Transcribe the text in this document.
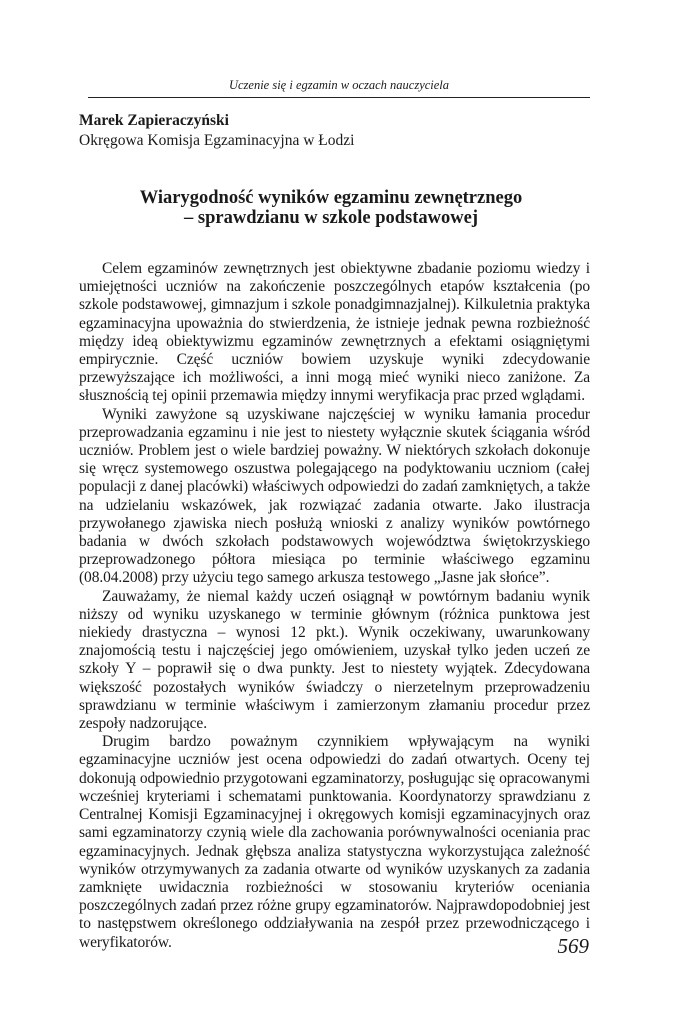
Uczenie się i egzamin w oczach nauczyciela
Marek Zapieraczyński
Okręgowa Komisja Egzaminacyjna w Łodzi
Wiarygodność wyników egzaminu zewnętrznego
– sprawdzianu w szkole podstawowej

Celem egzaminów zewnętrznych jest obiektywne zbadanie poziomu wiedzy i umiejętności uczniów na zakończenie poszczególnych etapów kształcenia (po szkole podstawowej, gimnazjum i szkole ponadgimnazjalnej). Kilkuletnia praktyka egzaminacyjna upoważnia do stwierdzenia, że istnieje jednak pewna rozbieżność między ideą obiektywizmu egzaminów zewnętrznych a efektami osiągniętymi empirycznie. Część uczniów bowiem uzyskuje wyniki zdecydowanie przewyższające ich możliwości, a inni mogą mieć wyniki nieco zaniżone. Za słusznością tej opinii przemawia między innymi weryfikacja prac przed wglądami.

Wyniki zawyżone są uzyskiwane najczęściej w wyniku łamania procedur przeprowadzania egzaminu i nie jest to niestety wyłącznie skutek ściągania wśród uczniów. Problem jest o wiele bardziej poważny. W niektórych szkołach dokonuje się wręcz systemowego oszustwa polegającego na podyktowaniu uczniom (całej populacji z danej placówki) właściwych odpowiedzi do zadań zamkniętych, a także na udzielaniu wskazówek, jak rozwiązać zadania otwarte. Jako ilustracja przywołanego zjawiska niech posłużą wnioski z analizy wyników powtórnego badania w dwóch szkołach podstawowych województwa świętokrzyskiego przeprowadzonego półtora miesiąca po terminie właściwego egzaminu (08.04.2008) przy użyciu tego samego arkusza testowego „Jasne jak słońce”.

Zauważamy, że niemal każdy uczeń osiągnął w powtórnym badaniu wynik niższy od wyniku uzyskanego w terminie głównym (różnica punktowa jest niekiedy drastyczna – wynosi 12 pkt.). Wynik oczekiwany, uwarunkowany znajomością testu i najczęściej jego omówieniem, uzyskał tylko jeden uczeń ze szkoły Y – poprawił się o dwa punkty. Jest to niestety wyjątek. Zdecydowana większość pozostałych wyników świadczy o nierzetelnym przeprowadzeniu sprawdzianu w terminie właściwym i zamierzonym złamaniu procedur przez zespoły nadzorujące.

Drugim bardzo poważnym czynnikiem wpływającym na wyniki egzaminacyjne uczniów jest ocena odpowiedzi do zadań otwartych. Oceny tej dokonują odpowiednio przygotowani egzaminatorzy, posługując się opracowanymi wcześniej kryteriami i schematami punktowania. Koordynatorzy sprawdzianu z Centralnej Komisji Egzaminacyjnej i okręgowych komisji egzaminacyjnych oraz sami egzaminatorzy czynią wiele dla zachowania porównywalności oceniania prac egzaminacyjnych. Jednak głębsza analiza statystyczna wykorzystująca zależność wyników otrzymywanych za zadania otwarte od wyników uzyskanych za zadania zamknięte uwidacznia rozbieżności w stosowaniu kryteriów oceniania poszczególnych zadań przez różne grupy egzaminatorów. Najprawdopodobniej jest to następstwem określonego oddziaływania na zespół przez przewodniczącego i weryfikatorów.	569
